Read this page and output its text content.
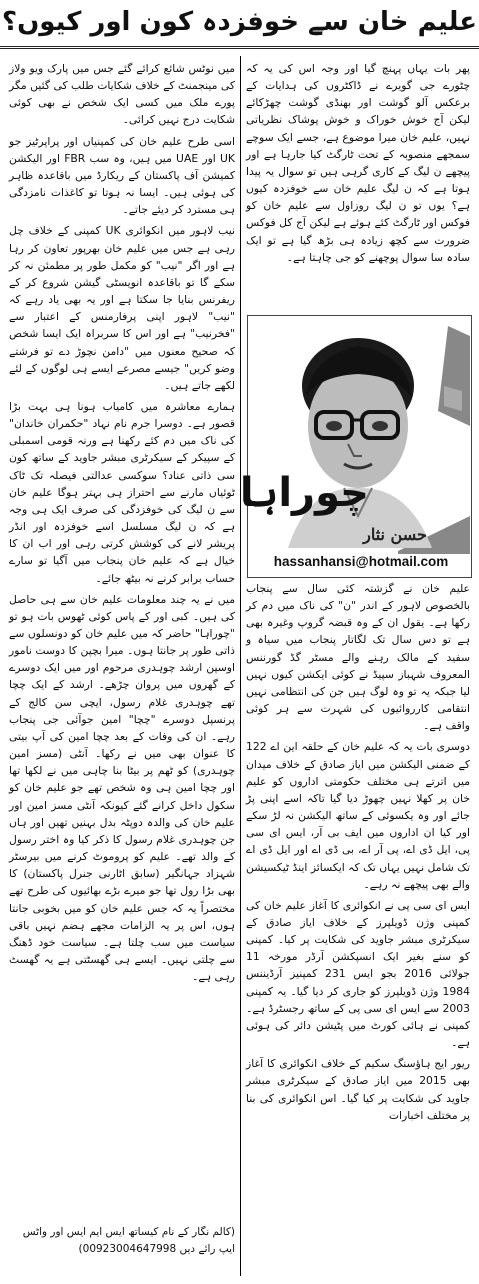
علیم خان سے خوفزدہ کون اور کیوں؟

پھر بات یہاں پہنچ گیا اور وجہ اس کی یہ کہ چٹورے جی گویرے نے ڈاکٹروں کی ہدایات کے برعکس آلو گوشت اور بھنڈی گوشت چھڑکائے لیکن آج خوش خوراک و خوش پوشاک نظریاتی نہیں، علیم خان میرا موضوع ہے، جسے ایک سوچے سمجھے منصوبہ کے تحت ٹارگٹ کیا جارہا ہے اور پیچھے ن لیگ کے کاری گرہی ہیں تو سوال یہ پیدا ہوتا ہے کہ ن لیگ علیم خان سے خوفزدہ کیوں ہے؟ یوں تو ن لیگ روزاول سے علیم خان کو فوکس اور ٹارگٹ کئے ہوئے ہے لیکن آج کل فوکس ضرورت سے کچھ زیادہ ہی بڑھ گیا ہے تو ایک سادہ سا سوال پوچھنے کو جی چاہتا ہے۔

علیم خان نے گزشتہ کئی سال سے پنجاب بالخصوص لاہور کے اندر "ن" کی ناک میں دم کر رکھا ہے۔ یقول ان کے وہ قبضہ گروپ وغیرہ بھی ہے تو دس سال تک لگاتار پنجاب میں سیاہ و سفید کے مالک رہنے والے مسٹر گڈ گورننس المعروف شہباز سپیڈ نے کوئی ایکشن کیوں نہیں لیا جبکہ یہ تو وہ لوگ ہیں جن کی انتظامی نہیں انتقامی کارروائیوں کی شہرت سے ہر کوئی واقف ہے۔

دوسری بات یہ کہ علیم خان کے حلقہ این اے 122 کے ضمنی الیکشن میں ایاز صادق کے خلاف میدان میں اترتے ہی مختلف حکومتی اداروں کو علیم خان پر کھلا نہیں چھوڑ دیا گیا تاکہ اسے اپنی پڑ جائے اور وہ یکسوئی کے ساتھ الیکشن نہ لڑ سکے اور کیا ان اداروں میں ایف بی آر، ایس ای سی پی، ایل ڈی اے، پی آر اے، بی ڈی اے اور ایل ڈی اے تک شامل نہیں یہاں تک کہ ایکسائز اینڈ ٹیکسیشن والے بھی پیچھے نہ رہے۔

ایس ای سی پی نے انکوائری کا آغاز علیم خان کی کمپنی وژن ڈویلپرز کے خلاف ایاز صادق کے سیکرٹری مبشر جاوید کی شکایت پر کیا۔ کمپنی کو سنے بغیر ایک انسپکشن آرڈر مورخہ 11 جولائی 2016 بجو ایس 231 کمپنیز آرڈیننس 1984 وژن ڈویلپرز کو جاری کر دیا گیا۔ یہ کمپنی 2003 سے ایس ای سی پی کے ساتھ رجسٹرڈ ہے۔ کمپنی نے ہائی کورٹ میں پٹیشن دائر کی ہوئی ہے۔

ریور ایج ہاؤسنگ سکیم کے خلاف انکوائری کا آغاز بھی 2015 میں ایاز صادق کے سیکرٹری مبشر جاوید کی شکایت پر کیا گیا۔ اس انکوائری کی بنا پر مختلف اخبارات

چوراہا
حسن نثار
hassanhansi@hotmail.com

میں نوٹس شائع کرائے گئے جس میں پارک ویو ولاز کی مینجمنٹ کے خلاف شکایات طلب کی گئیں مگر پورے ملک میں کسی ایک شخص نے بھی کوئی شکایت درج نہیں کرائی۔

اسی طرح علیم خان کی کمپنیاں اور پراپرٹیز جو UK اور UAE میں ہیں، وہ سب FBR اور الیکشن کمیشن آف پاکستان کے ریکارڈ میں باقاعدہ ظاہر کی ہوئی ہیں۔ ایسا نہ ہوتا تو کاغذات نامزدگی ہی مسترد کر دیئے جاتے۔

نیب لاہور میں انکوائری UK کمپنی کے خلاف چل رہی ہے جس میں علیم خان بھرپور تعاون کر رہا ہے اور اگر "نیب" کو مکمل طور پر مطمئن نہ کر سکے گا تو باقاعدہ انویسٹی گیشن شروع کر کے ریفرنس بنایا جا سکتا ہے اور یہ بھی یاد رہے کہ "نیب" لاہور اپنی پرفارمنس کے اعتبار سے "فخرنیب" ہے اور اس کا سربراہ ایک ایسا شخص کہ صحیح معنوں میں "دامن نچوڑ دے تو فرشتے وضو کریں" جیسے مصرعے ایسے ہی لوگوں کے لئے لکھے جاتے ہیں۔

ہمارے معاشرہ میں کامیاب ہونا ہی بہت بڑا قصور ہے۔ دوسرا جرم نام نہاد "حکمران خاندان" کی ناک میں دم کئے رکھنا ہے ورنہ قومی اسمبلی کے سپیکر کے سیکرٹری مبشر جاوید کے ساتھ کون سی ذاتی عناد؟ سوکسی عدالتی فیصلہ تک ٹاک ٹوئیاں مارنے سے احتراز ہی بہتر ہوگا علیم خان سے ن لیگ کی خوفزدگی کی صرف ایک ہی وجہ ہے کہ ن لیگ مسلسل اسے خوفزدہ اور انڈر پریشر لانے کی کوشش کرتی رہی اور اب ان کا خیال ہے کہ علیم خان پنجاب میں آگیا تو سارے حساب برابر کرنے نہ بیٹھ جائے۔

میں نے یہ چند معلومات علیم خان سے ہی حاصل کی ہیں۔ کبی اور کے پاس کوئی ٹھوس بات ہو تو "چوراہا" حاضر کہ میں علیم خان کو دونسلوں سے ذاتی طور پر جانتا ہوں۔ میرا بچپن کا دوست نامور اوسپن ارشد چوہدری مرحوم اور میں ایک دوسرے کے گھروں میں پروان چڑھے۔ ارشد کے ایک چچا تھے چوہدری غلام رسول، ایچی سن کالج کے پرنسپل دوسرے "چچا" امین جوآئی جی پنجاب رہے۔ ان کی وفات کے بعد چچا امین کی آپ بیتی کا عنوان بھی میں نے رکھا۔ آنٹی (مسز امین چوہدری) کو ٹھم پر بیٹا بنا چاہی میں نے لکھا تھا اور چچا امین ہی وہ شخص تھے جو علیم خان کو سکول داخل کرانے گئے کیونکہ آنٹی مسز امین اور علیم خان کی والدہ دوپٹہ بدل بہنیں تھیں اور ہاں جن چوہدری غلام رسول کا ذکر کیا وہ اختر رسول کے والد تھے۔ علیم کو پروموٹ کرنے میں بیرسٹر شہزاد جہانگیر (سابق اٹارنی جنرل پاکستان) کا بھی بڑا رول تھا جو میرے بڑے بھائیوں کی طرح تھے مختصراً یہ کہ جس علیم خان کو میں بخوبی جانتا ہوں، اس پر یہ الزامات مجھے ہضم نہیں باقی سیاست میں سب چلتا ہے۔ سیاست خود ڈھنگ سے چلتی نہیں۔ ایسے ہی گھسٹتی ہے یہ گھسٹ رہی ہے۔

(کالم نگار کے نام کیساتھ ایس ایم ایس اور واٹس ایپ رائے دیں 00923004647998)
